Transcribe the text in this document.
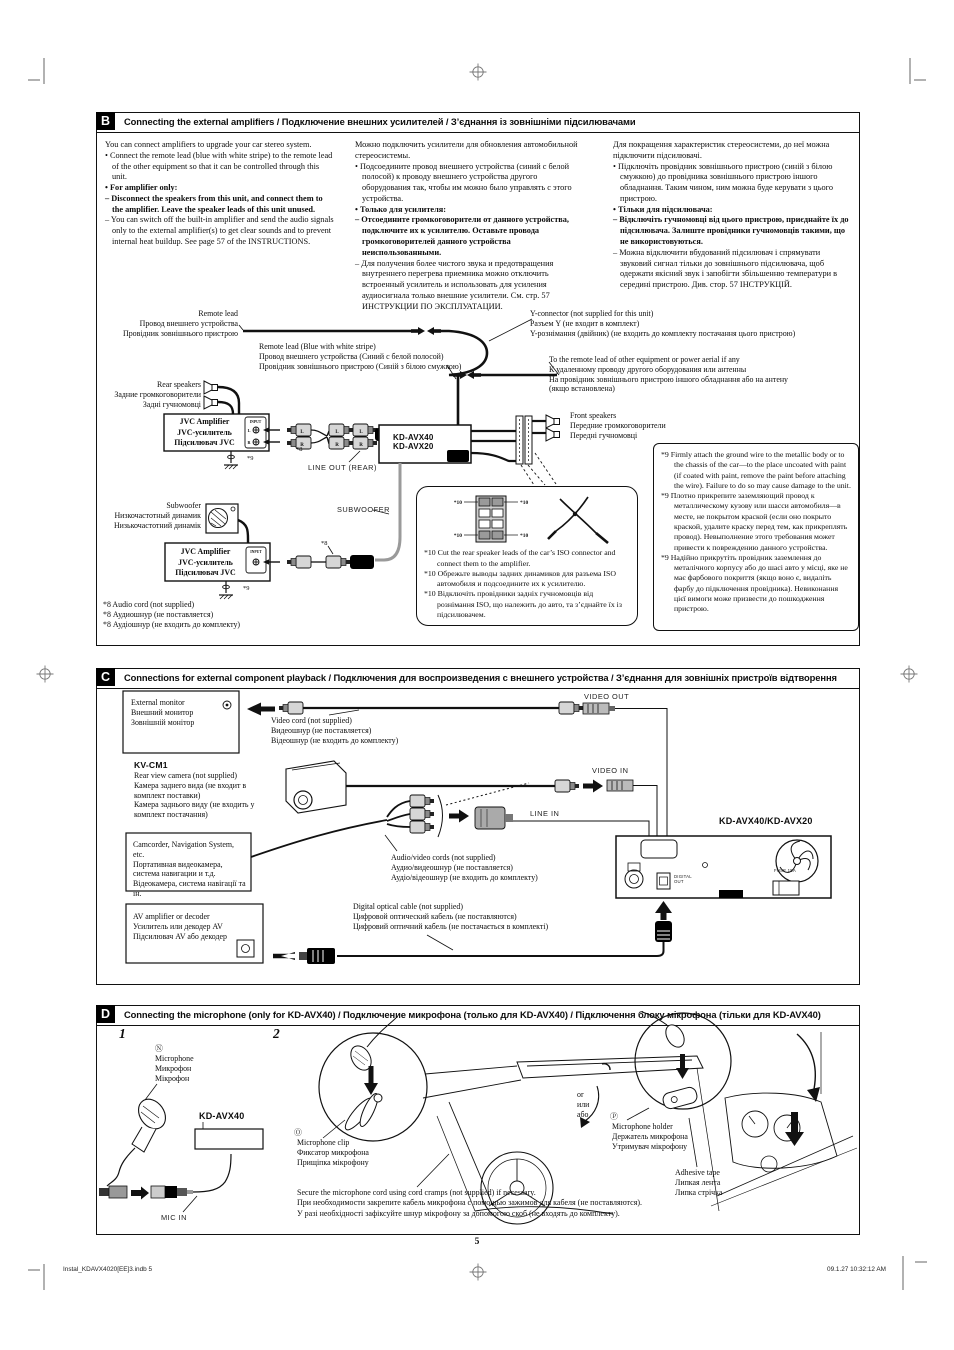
B	Connecting the external amplifiers / Подключение внешних усилителей / З’єднання із зовнішніми підсилювачами

You can connect amplifiers to upgrade your car stereo system.

• Connect the remote lead (blue with white stripe) to the remote lead of the other equipment so that it can be controlled through this unit.

• For amplifier only:

– Disconnect the speakers from this unit, and connect them to the amplifier. Leave the speaker leads of this unit unused.

– You can switch off the built-in amplifier and send the audio signals only to the external amplifier(s) to get clear sounds and to prevent internal heat buildup. See page 57 of the INSTRUCTIONS.

Можно подключить усилители для обновления автомобильной стереосистемы.

• Подсоедините провод внешнего устройства (синий с белой полосой) к проводу внешнего устройства другого оборудования так, чтобы им можно было управлять с этого устройства.

• Только для усилителя:

– Отсоедините громкоговорители от данного устройства, подключите их к усилителю. Оставьте провода громкоговорителей данного устройства неиспользованными.

– Для получения более чистого звука и предотвращения внутреннего перегрева приемника можно отключить встроенный усилитель и использовать для усиления аудиосигнала только внешние усилители. См. стр. 57 ИНСТРУКЦИИ ПО ЭКСПЛУАТАЦИИ.

Для покращення характеристик стереосистеми, до неї можна підключити підсилювачі.

• Підключіть провідник зовнішнього пристрою (синій з білою смужкою) до провідника зовнішнього пристрою іншого обладнання. Таким чином, ним можна буде керувати з цього пристрою.

• Тільки для підсилювача:

– Відключіть гучномовці від цього пристрою, приєднайте їх до підсилювача. Залиште провідники гучномовців такими, що не використовуються.

– Можна відключити вбудований підсилювач і спрямувати звуковий сигнал тільки до зовнішнього підсилювача, щоб одержати якісний звук і запобігти збільшенню температури в середині пристрою. Див. стор. 57 ІНСТРУКЦІЙ.

INPUT
L
R
L
R
L
R
L
R
INPUT
Remote lead
Провод внешнего устройства
Провідник зовнішнього пристрою
Remote lead (Blue with white stripe)
Провод внешнего устройства (Синий с белой полосой)
Провідник зовнішнього пристрою (Синій з білою смужкою)
Rear speakers
Задние громкоговорители
Задні гучномовці
JVC Amplifier
JVC-усилитель
Підсилювач JVC
*8
*9
LINE OUT (REAR)
KD-AVX40
KD-AVX20
Y-connector (not supplied for this unit)
Разъем Y (не входит в комплект)
Y-рознімання (двійник) (не входить до комплекту постачання цього пристрою)
To the remote lead of other equipment or power aerial if any
К удаленному проводу другого оборудования или антенны
На провідник зовнішнього пристрою іншого обладнання або на антену
(якщо встановлена)
Front speakers
Передние громкоговорители
Передні гучномовці
Subwoofer
Низкочастотный динамик
Низькочастотний динамік
SUBWOOFER
JVC Amplifier
JVC-усилитель
Підсилювач JVC
*8
*9
*8 Audio cord (not supplied)
*8 Аудиошнур (не поставляется)
*8 Аудіошнур (не входить до комплекту)
*10	*10
*10	*10

*10 Cut the rear speaker leads of the car’s ISO connector and connect them to the amplifier.

*10 Обрежьте выводы задних динамиков для разъема ISO автомобиля и подсоедините их к усилителю.

*10 Відключіть провідники задніх гучномовців від рознімання ISO, що належить до авто, та з’єднайте їх із підсилювачем.

*9 Firmly attach the ground wire to the metallic body or to the chassis of the car—to the place uncoated with paint (if coated with paint, remove the paint before attaching the wire). Failure to do so may cause damage to the unit.

*9 Плотно прикрепите заземляющий провод к металлическому кузову или шасси автомобиля—в месте, не покрытом краской (если оно покрыто краской, удалите краску перед тем, как прикреплять провод). Невыполнение этого требования может привести к повреждению данного устройства.

*9 Надійно прикрутіть провідник заземлення до металічного корпусу або до шасі авто у місці, яке не має фарбового покриття (якщо воно є, видаліть фарбу до підключення провідника). Невиконання цієї вимоги може призвести до пошкодження пристрою.

C	Connections for external component playback / Подключения для воспроизведения с внешнего устройства / З’єднання для зовнішніх пристроїв відтворення
External monitor
Внешний монитор
Зовнішній монітор	Video cord (not supplied)
Видеошнур (не поставляется)
Відеошнур (не входить до комплекту)
VIDEO OUT
VIDEO IN
LINE IN
KV-CM1
Rear view camera (not supplied)
Камера заднего вида (не входит в комплект поставки)
Камера заднього виду (не входить у комплект постачання)
Camcorder, Navigation System, etc.
Портативная видеокамера, система навигации и т.д.
Відеокамера, система навігації та ін.
Audio/video cords (not supplied)
Аудио/видеошнур (не поставляется)
Аудіо/відеошнур (не входить до комплекту)
KD-AVX40/KD-AVX20
DIGITAL OUT
FUSE 15A
Digital optical cable (not supplied)
Цифровой оптический кабель (не поставляются)
Цифровий оптичний кабель (не постачається в комплекті)
AV amplifier or decoder
Усилитель или декодер AV
Підсилювач AV або декодер
D	Connecting the microphone (only for KD-AVX40) / Подключение микрофона (только для KD-AVX40) / Підключення блоку мікрофона (тільки для KD-AVX40)
1	2
Ⓝ
Microphone
Микрофон
Мікрофон
KD-AVX40
MIC IN
Ⓞ
Microphone clip
Фиксатор микрофона
Прищіпка мікрофону
or
или
або	Ⓟ
Microphone holder
Держатель микрофона
Утримувач мікрофону
Adhesive tape
Липкая лента
Липка стрічка

Secure the microphone cord using cord cramps (not supplied) if necessary.

При необходимости закрепите кабель микрофона с помощью зажимов для кабеля (не поставляются).

У разі необхідності зафіксуйте шнур мікрофону за допомогою скоб (не входять до комплекту).

5
Instal_KDAVX4020[EE]3.indb 5	09.1.27 10:32:12 AM
